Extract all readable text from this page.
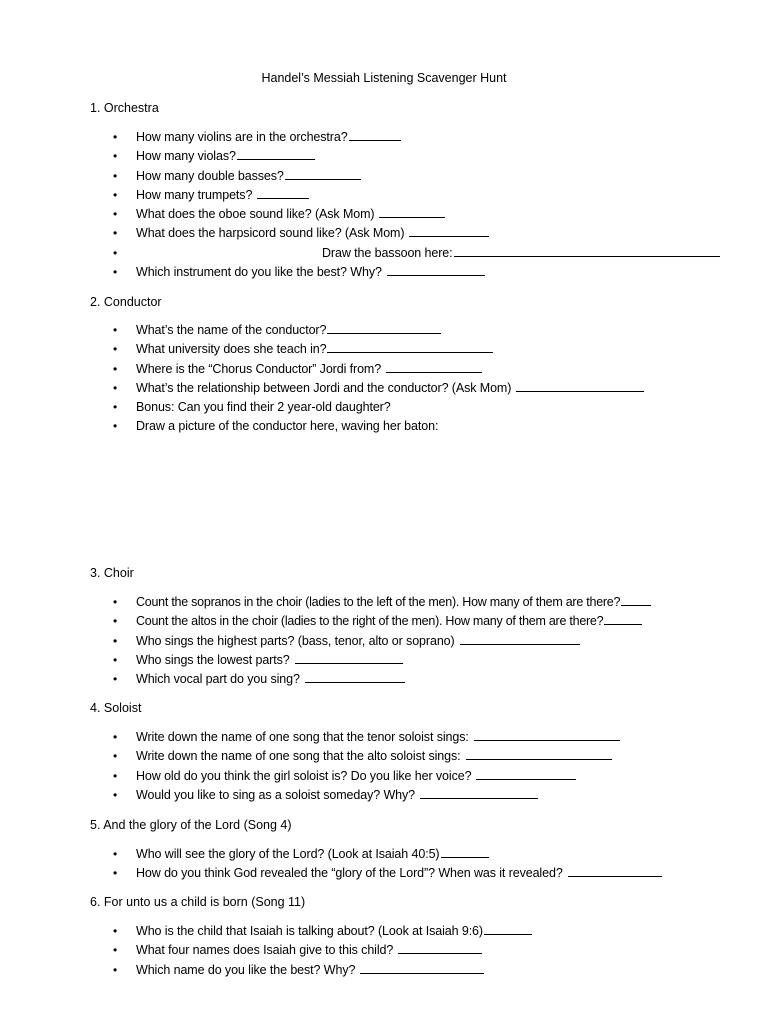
Handel’s Messiah Listening Scavenger Hunt
1. Orchestra
• How many violins are in the orchestra?
• How many violas?
• How many double basses?
• How many trumpets?
• What does the oboe sound like? (Ask Mom)
• What does the harpsicord sound like? (Ask Mom)
•	Draw the bassoon here:
• Which instrument do you like the best? Why?
2. Conductor
• What’s the name of the conductor?
• What university does she teach in?
• Where is the “Chorus Conductor” Jordi from?
• What’s the relationship between Jordi and the conductor? (Ask Mom)
• Bonus: Can you find their 2 year-old daughter?
• Draw a picture of the conductor here, waving her baton:
3. Choir
• Count the sopranos in the choir (ladies to the left of the men). How many of them are there?
• Count the altos in the choir (ladies to the right of the men). How many of them are there?
• Who sings the highest parts? (bass, tenor, alto or soprano)
• Who sings the lowest parts?
• Which vocal part do you sing?
4. Soloist
• Write down the name of one song that the tenor soloist sings:
• Write down the name of one song that the alto soloist sings:
• How old do you think the girl soloist is? Do you like her voice?
• Would you like to sing as a soloist someday? Why?
5. And the glory of the Lord (Song 4)
• Who will see the glory of the Lord? (Look at Isaiah 40:5)
• How do you think God revealed the “glory of the Lord”? When was it revealed?
6. For unto us a child is born (Song 11)
• Who is the child that Isaiah is talking about? (Look at Isaiah 9:6)
• What four names does Isaiah give to this child?
• Which name do you like the best? Why?
